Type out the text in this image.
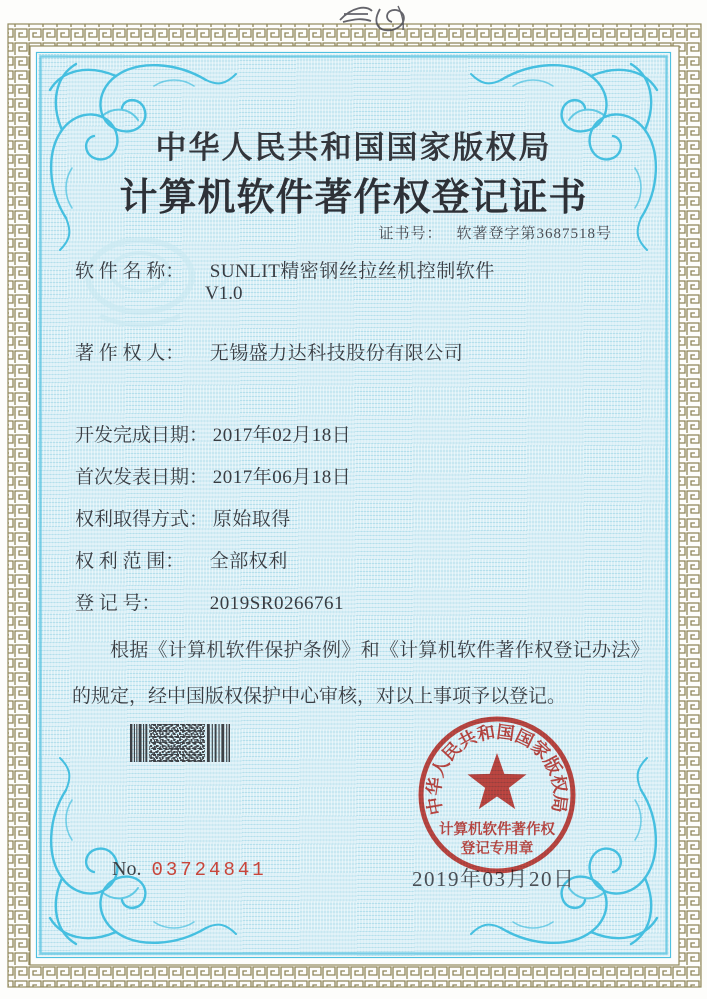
中华人民共和国国家版权局
计算机软件著作权登记证书
证书号： 软著登字第3687518号
软 件 名 称： SUNLIT精密钢丝拉丝机控制软件
V1.0
著 作 权 人： 无锡盛力达科技股份有限公司
开发完成日期： 2017年02月18日
首次发表日期： 2017年06月18日
权利取得方式： 原始取得
权 利 范 围： 全部权利
登 记 号：	2019SR0266761
根据《计算机软件保护条例》和《计算机软件著作权登记办法》的规定，经中国版权保护中心审核，对以上事项予以登记。
No. 03724841	2019年03月20日
中华人民共和国国家版权局
计算机软件著作权
登记专用章
